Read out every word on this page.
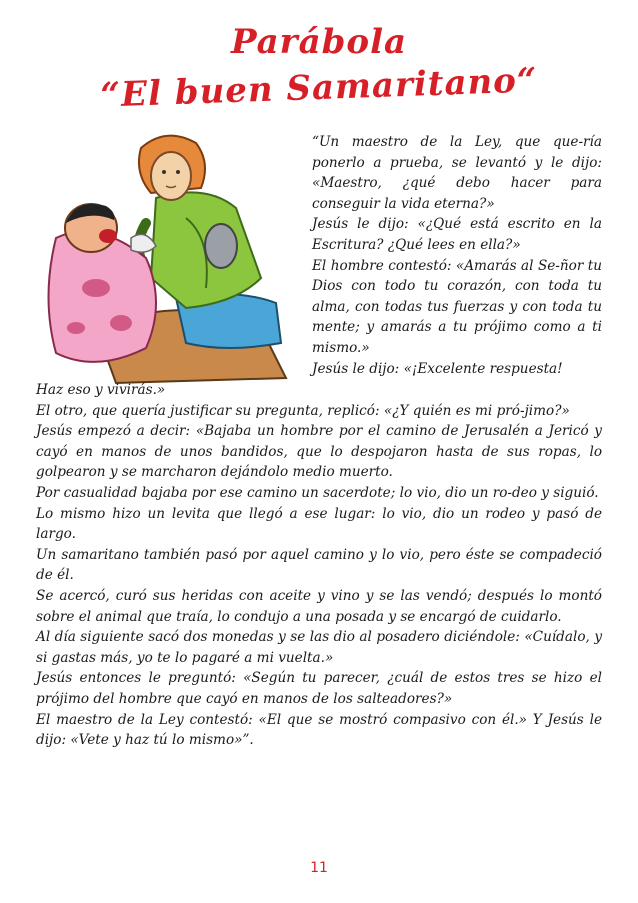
Parábola
“El buen Samaritano“

“Un maestro de la Ley, que que-ría ponerlo a prueba, se levantó y le dijo: «Maestro, ¿qué debo hacer para conseguir la vida eterna?»

Jesús le dijo: «¿Qué está escrito en la Escritura? ¿Qué lees en ella?»

El hombre contestó: «Amarás al Se-ñor tu Dios con todo tu corazón, con toda tu alma, con todas tus fuerzas y con toda tu mente; y amarás a tu prójimo como a ti mismo.»

Jesús le dijo: «¡Excelente respuesta!

Haz eso y vivirás.»

El otro, que quería justificar su pregunta, replicó: «¿Y quién es mi pró-jimo?»

Jesús empezó a decir: «Bajaba un hombre por el camino de Jerusalén a Jericó y cayó en manos de unos bandidos, que lo despojaron hasta de sus ropas, lo golpearon y se marcharon dejándolo medio muerto.

Por casualidad bajaba por ese camino un sacerdote; lo vio, dio un ro-deo y siguió.

Lo mismo hizo un levita que llegó a ese lugar: lo vio, dio un rodeo y pasó de largo.

Un samaritano también pasó por aquel camino y lo vio, pero éste se compadeció de él.

Se acercó, curó sus heridas con aceite y vino y se las vendó; después lo montó sobre el animal que traía, lo condujo a una posada y se encargó de cuidarlo.

Al día siguiente sacó dos monedas y se las dio al posadero diciéndole: «Cuídalo, y si gastas más, yo te lo pagaré a mi vuelta.»

Jesús entonces le preguntó: «Según tu parecer, ¿cuál de estos tres se hizo el prójimo del hombre que cayó en manos de los salteadores?»

El maestro de la Ley contestó: «El que se mostró compasivo con él.» Y Jesús le dijo: «Vete y haz tú lo mismo»”.

11
